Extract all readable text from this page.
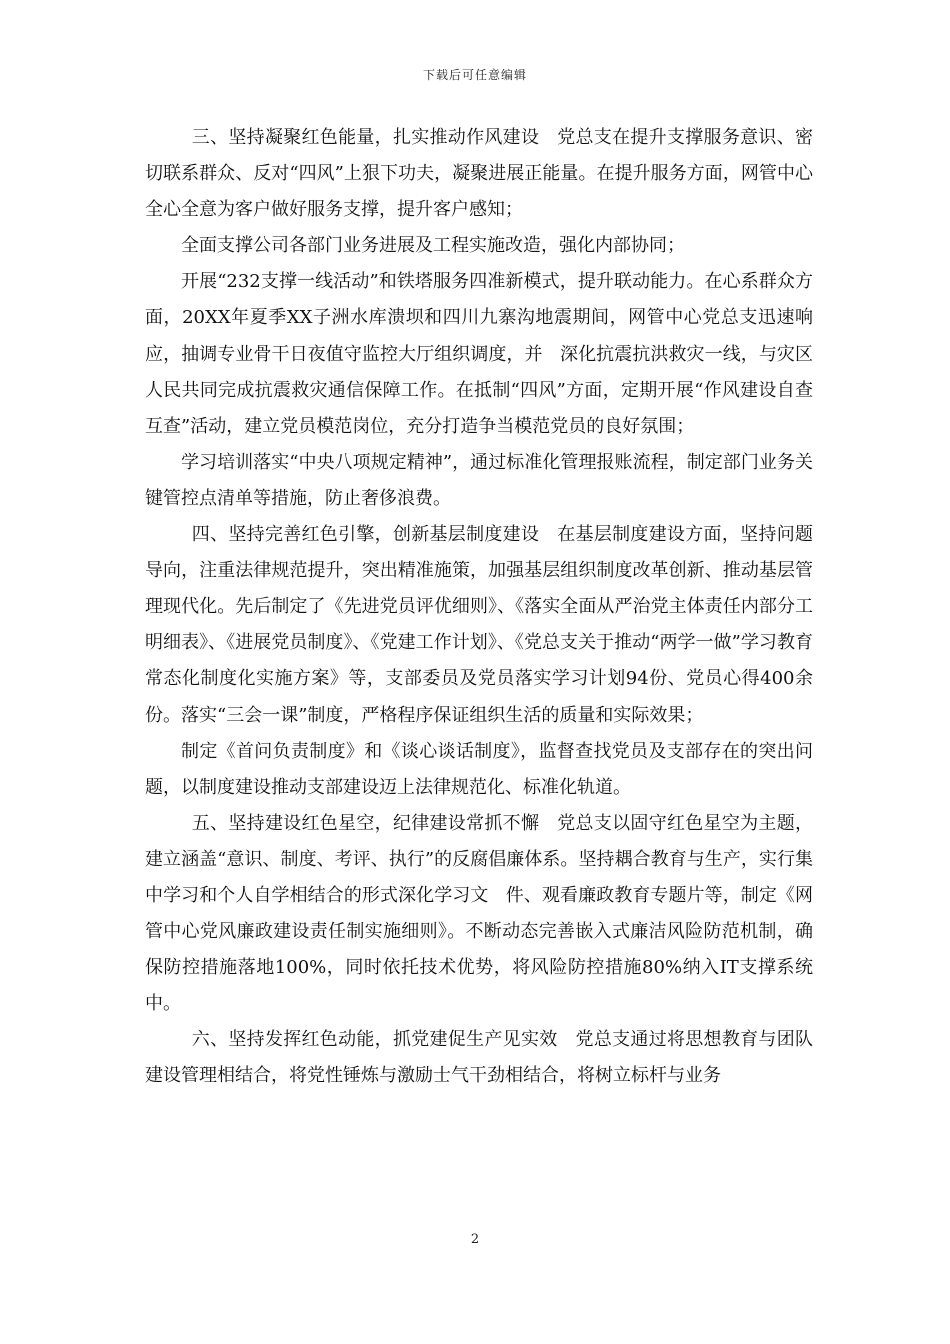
下载后可任意编辑

三、坚持凝聚红色能量，扎实推动作风建设   党总支在提升支撑服务意识、密切联系群众、反对“四风”上狠下功夫，凝聚进展正能量。在提升服务方面，网管中心全心全意为客户做好服务支撑，提升客户感知；

全面支撑公司各部门业务进展及工程实施改造，强化内部协同；

开展“232支撑一线活动”和铁塔服务四准新模式，提升联动能力。在心系群众方面，20XX年夏季XX子洲水库溃坝和四川九寨沟地震期间，网管中心党总支迅速响应，抽调专业骨干日夜值守监控大厅组织调度，并   深化抗震抗洪救灾一线，与灾区人民共同完成抗震救灾通信保障工作。在抵制“四风”方面，定期开展“作风建设自查互查”活动，建立党员模范岗位，充分打造争当模范党员的良好氛围；

学习培训落实“中央八项规定精神”，通过标准化管理报账流程，制定部门业务关键管控点清单等措施，防止奢侈浪费。

四、坚持完善红色引擎，创新基层制度建设   在基层制度建设方面，坚持问题导向，注重法律规范提升，突出精准施策，加强基层组织制度改革创新、推动基层管理现代化。先后制定了《先进党员评优细则》、《落实全面从严治党主体责任内部分工明细表》、《进展党员制度》、《党建工作计划》、《党总支关于推动“两学一做”学习教育常态化制度化实施方案》等，支部委员及党员落实学习计划94份、党员心得400余份。落实“三会一课”制度，严格程序保证组织生活的质量和实际效果；

制定《首问负责制度》和《谈心谈话制度》，监督查找党员及支部存在的突出问题，以制度建设推动支部建设迈上法律规范化、标准化轨道。

五、坚持建设红色星空，纪律建设常抓不懈   党总支以固守红色星空为主题，建立涵盖“意识、制度、考评、执行”的反腐倡廉体系。坚持耦合教育与生产，实行集中学习和个人自学相结合的形式深化学习文   件、观看廉政教育专题片等，制定《网管中心党风廉政建设责任制实施细则》。不断动态完善嵌入式廉洁风险防范机制，确保防控措施落地100%，同时依托技术优势，将风险防控措施80%纳入IT支撑系统中。

六、坚持发挥红色动能，抓党建促生产见实效   党总支通过将思想教育与团队建设管理相结合，将党性锤炼与激励士气干劲相结合，将树立标杆与业务

2
